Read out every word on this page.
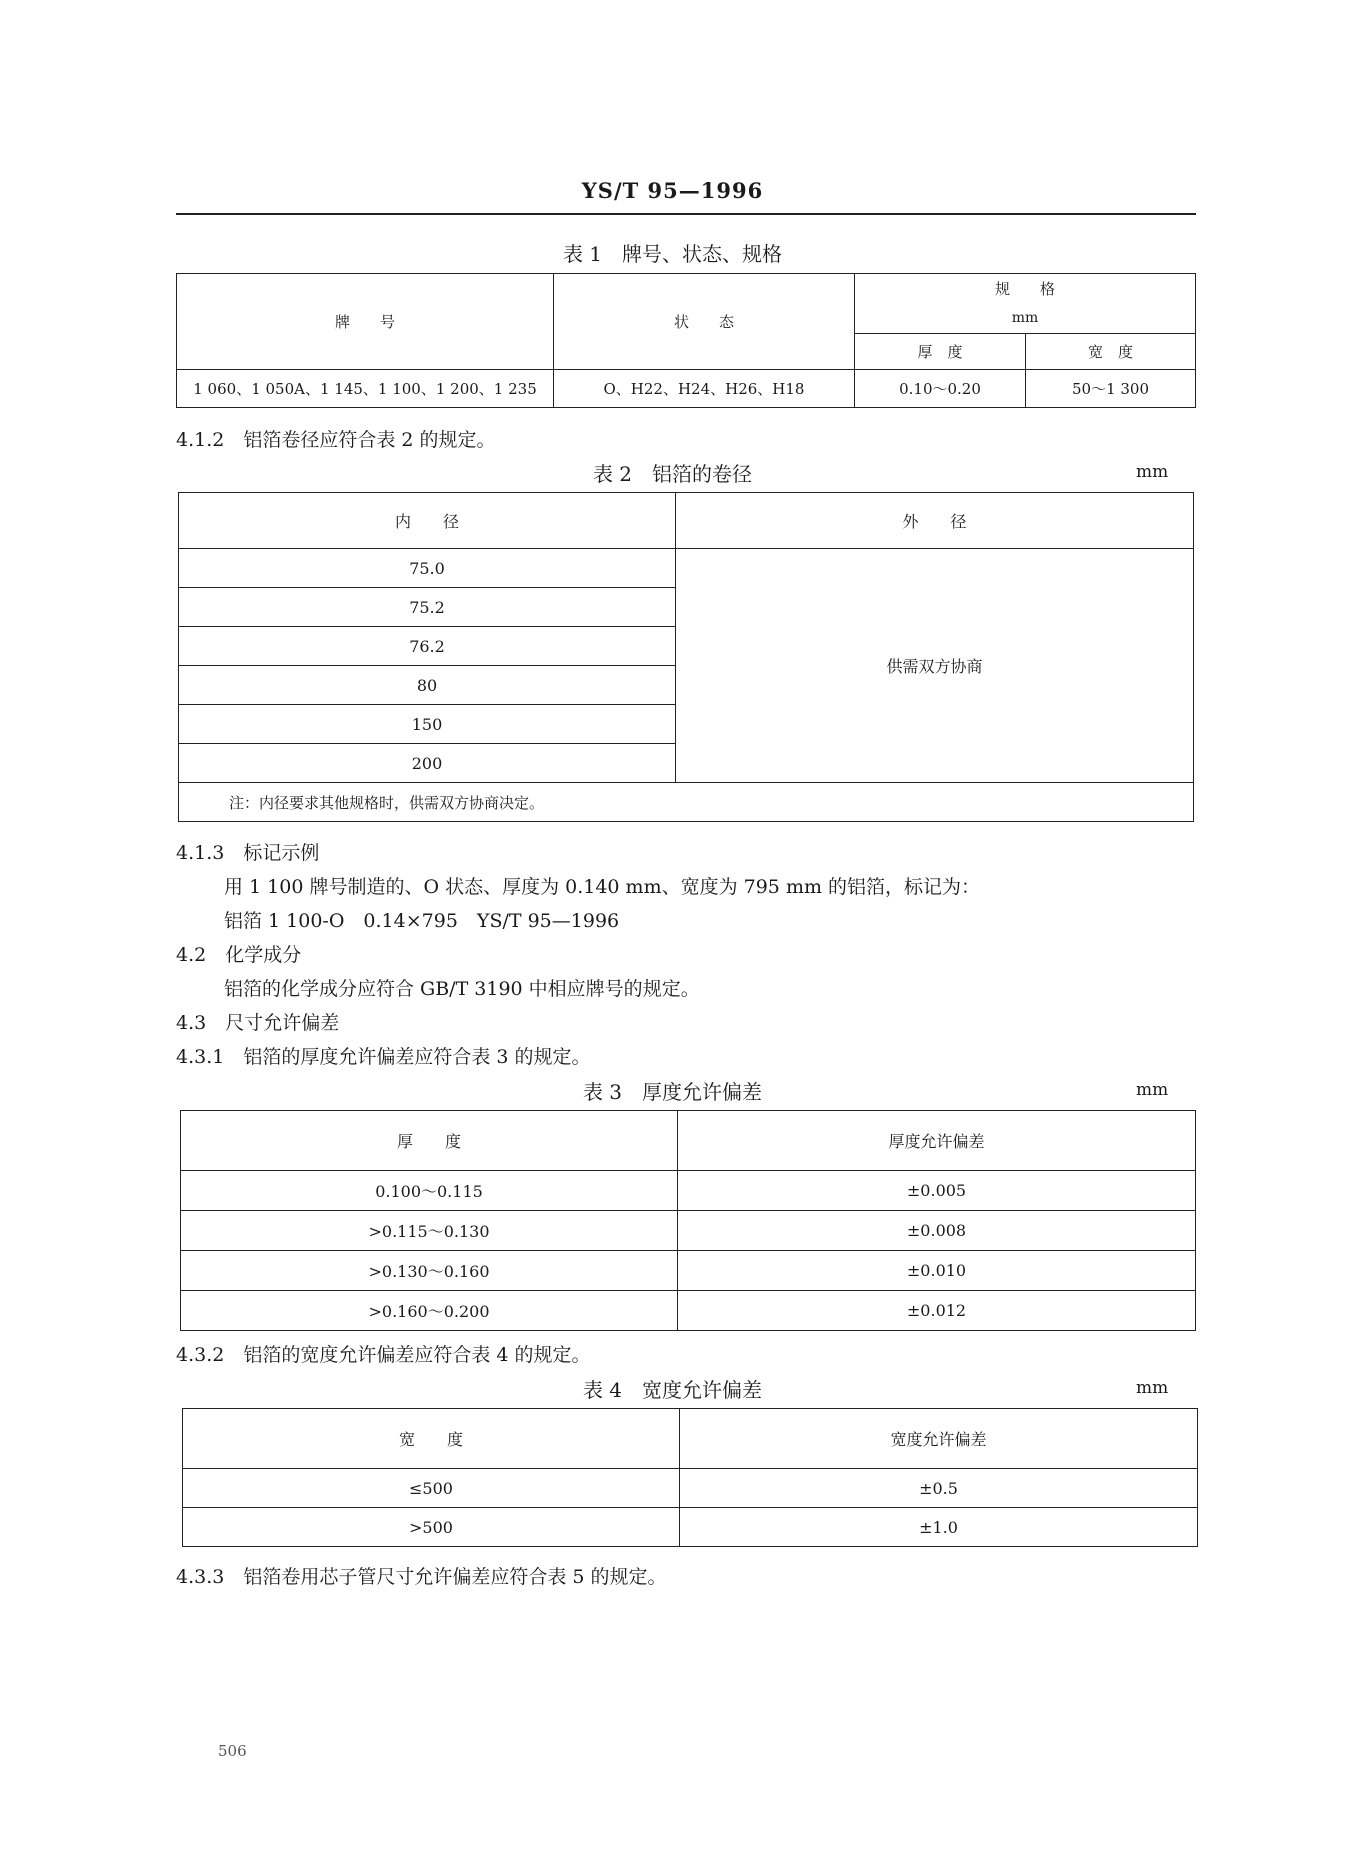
YS/T 95—1996
表 1　牌号、状态、规格
牌　　号	状　　态	规　　格	
		mm	
		厚　度	宽　度
1 060、1 050A、1 145、1 100、1 200、1 235	O、H22、H24、H26、H18	0.10～0.20	50～1 300
4.1.2　铝箔卷径应符合表 2 的规定。
表 2　铝箔的卷径	mm
内　　径	外　　径
75.0	供需双方协商
75.2	
76.2	
80	
150	
200	
注：内径要求其他规格时，供需双方协商决定。	
4.1.3　标记示例
用 1 100 牌号制造的、O 状态、厚度为 0.140 mm、宽度为 795 mm 的铝箔，标记为：
铝箔 1 100-O　0.14×795　YS/T 95—1996
4.2　化学成分
铝箔的化学成分应符合 GB/T 3190 中相应牌号的规定。
4.3　尺寸允许偏差
4.3.1　铝箔的厚度允许偏差应符合表 3 的规定。
表 3　厚度允许偏差	mm
厚　　度	厚度允许偏差
0.100～0.115	±0.005
>0.115～0.130	±0.008
>0.130～0.160	±0.010
>0.160～0.200	±0.012
4.3.2　铝箔的宽度允许偏差应符合表 4 的规定。
表 4　宽度允许偏差	mm
宽　　度	宽度允许偏差
≤500	±0.5
>500	±1.0
4.3.3　铝箔卷用芯子管尺寸允许偏差应符合表 5 的规定。
506
